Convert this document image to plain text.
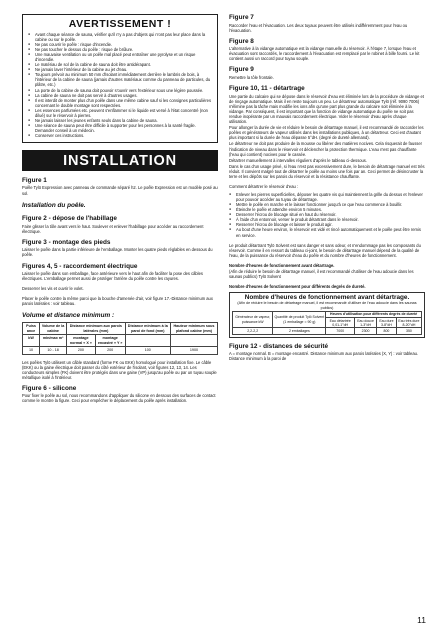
AVERTISSEMENT !
● Avant chaque séance de sauna, vérifier qu'il n'y a pas d'objets qui n'ont pas leur place dans la cabine ou sur le poêle.
● Ne pas couvrir le poêle : risque d'incendie.
● Ne pas toucher le dessus du poêle : risque de brûlure.
● Une mauvaise ventilation ou un poêle mal placé peut entraîner une pyrolyse et un risque d'incendie.
● Le matériau de sol de la cabine de sauna doit être antidérapant.
● Ne jamais laver l'intérieur de la cabine au jet d'eau.
● Toujours prévoir au minimum 50 mm d'isolant immédiatement derrière le lambris de bois, à l'intérieur de la cabine de sauna (jamais d'autres matériaux comme du panneau de particules, du plâtre, etc.)
● La porte de la cabine de sauna doit pouvoir s'ouvrir vers l'extérieur sous une légère poussée.
● La cabine de sauna ne doit pas servir à d'autres usages.
● Il est interdit de monter plus d'un poêle dans une même cabine sauf si les consignes particulières concernant le double montage sont respectées.
● Les essences parfumées etc. peuvent s'enflammer si le liquide est versé à l'état concentré (non dilué) sur le réservoir à pierres.
● Ne jamais laisser les jeunes enfants seuls dans la cabine de sauna.
● Une séance de sauna peut être difficile à supporter pour les personnes à la santé fragile. Demander conseil à un médecin.
● Conserver ces instructions.
INSTALLATION
Figure 1

Poêle Tylö Expression avec panneau de commande séparé h2. Le poêle Expression est un modèle posé au sol.

Installation du poêle.
Figure 2 - dépose de l'habillage

Faire glisser la tôle avant vers le haut. Soulever et enlever l'habillage pour accéder au raccordement électrique.

Figure 3 - montage des pieds

Laisser le poêle dans la partie inférieure de l'emballage. Monter les quatre pieds réglables en dessous du poêle.

Figures 4, 5 - raccordement électrique

Laisser le poêle dans son emballage, face antérieure vers le haut afin de faciliter la pose des câbles électriques. L'emballage permet aussi de protéger l'arrière du poêle contre les rayures.

Desserrer les vis et ouvrir le volet.

Placer le poêle contre la même paroi que la bouche d'amenée d'air, voir figure 17.-Distance minimum aux parois latérales : voir tableau.

Volume et distance minimum :
Puiss ance	Volume de la cabine	Distance minimum aux parois latérales (mm)		Distance minimum à la paroi de fond (mm)	Hauteur minimum sous plafond cabine (mm)
kW	min/max m³	montage normal « X »	montage encastré « Y »		
10	10 - 18	200	200	100	1900

Les poêles Tylö utilisent un câble standard (forme FK ou EKK) homologué pour installation fixe. Le câble (EKK) ou la gaine électrique doit passer du côté extérieur de l'isolant, voir figures 12, 13, 14. Les conducteurs simples (FK) doivent être protégés dans une gaine (VP) jusqu'au poêle ou par un tuyau souple métallique isolé à l'intérieur.

Figure 6 - silicone

Pour fixer le poêle au sol, nous recommandons d'appliquer du silicone en dessous des surfaces de contact comme le montre la figure. Ceci pour empêcher le déplacement du poêle après installation.

Figure 7

Raccorder l'eau et l'évacuation. Les deux tuyaux peuvent être utilisés indifféremment pour l'eau ou l'évacuation.

Figure 8

L'alternative à la vidange automatique est la vidange manuelle du réservoir. À l'étape 7, lorsque l'eau et évacuation sont raccordés, le raccordement à l'évacuation est remplacé par le robinet à bille fourni. Le kit contient aussi un raccord pour tuyau souple.

Figure 9

Remettre la tôle frontale.

Figure 10, 11 - détartrage

Une partie du calcaire qui se dépose dans le réservoir d'eau est éliminée lors de la procédure de vidange et de rinçage automatique. Mais il en reste toujours un peu. Le détartreur automatique Tylö (réf. 9090 7006) n'élimine pas la tâche mais modifie les ions afin qu'une part plus grande du calcaire soit éliminée à la vidange. Par conséquent, il est important que la fonction de vidange automatique du poêle ne soit pas rendue inopérante par un mauvais raccordement électrique. Vider le réservoir d'eau après chaque utilisation.

Pour allonger la durée de vie et réduire le besoin de détartrage manuel, il est recommandé de raccorder les poêles et générateurs de vapeur utilisés dans les installations publiques, à un détartreur. Ceci est d'autant plus important si la durée de l'eau dépasse 5°dH. (degré de dureté allemand).

Le détartreur ne doit pas produire de la mousse ou libérer des matières nocives. Cela risquerait de fausser l'indication de niveau dans le réservoir et déclencher la protection thermique. L'eau n'est pas chauffante (l'eau qui contient) nocives pour le cassée.

Détartrer manuellement à intervalles réguliers d'après le tableau ci-dessous.

Dans le cas d'un usage privé, si l'eau n'est pas excessivement dure, le besoin de détartrage manuel est très réduit. Il convient malgré tout de détartrer le poêle au moins une fois par an. Ceci permet de désincruster la terre et les dépôts sur les parois du réservoir et la résistance chauffante.

Comment détartrer le réservoir d'eau :

● Enlever les pierres superficielles, déposer les quatre vis qui maintiennent la grille du dessus et l'enlever pour pouvoir accéder au tuyau de détartrage.
● Mettre le poêle en marche et le laisser fonctionner jusqu'à ce que l'eau commence à bouillir.
● Éteindre le poêle et attendre environ 5 minutes.
● Desserrer l'écrou de blocage situé en haut du réservoir.
● À l'aide d'un entonnoir, verser le produit détartrant dans le réservoir.
● Resserrer l'écrou de blocage et laisser le produit agir.
● Au bout d'une heure environ, le réservoir est vidé et rincé automatiquement et le poêle peut être remis en service.

Le produit détartrant Tylö Solvent est sans danger et sans odeur, et n'endommage pas les composants du réservoir. Comme il en ressort du tableau ci-joint, le besoin de détartrage manuel dépend de la qualité de l'eau, de la puissance du réservoir d'eau du poêle et du nombre d'heures de fonctionnement.

Nombre d'heures de fonctionnement avant détartrage.

(Afin de réduire le besoin de détartrage manuel, il est recommandé d'utiliser de l'eau adoucie dans les saunas publics) Tylö Solvent

Nombre d'heures de fonctionnement pour différents degrés de dureté.

Nombre d'heures de fonctionnement avant détartrage.
(Afin de réduire le besoin de détartrage manuel, il est recommandé d'utiliser de l'eau adoucie dans les saunas publics)
Générateur de vapeur, puissance kW	Quantité de produit Tylö Solvent (1 emballage = 90 g)	Heures d'utilisation pour différents degrés de dureté			
		Eau détartrée 0,01-1°dH	Eau douce 1-3°dH	Eau dure 3-8°dH	Eau très dure 8-20°dH
2,2-2,2	2 emballages	7000	2300	800	350
Figure 12 - distances de sécurité

A = montage normal. B = montage encastré. Distance minimum aux parois latérales (X, Y) : voir tableau. Distance minimum à la paroi de

11
